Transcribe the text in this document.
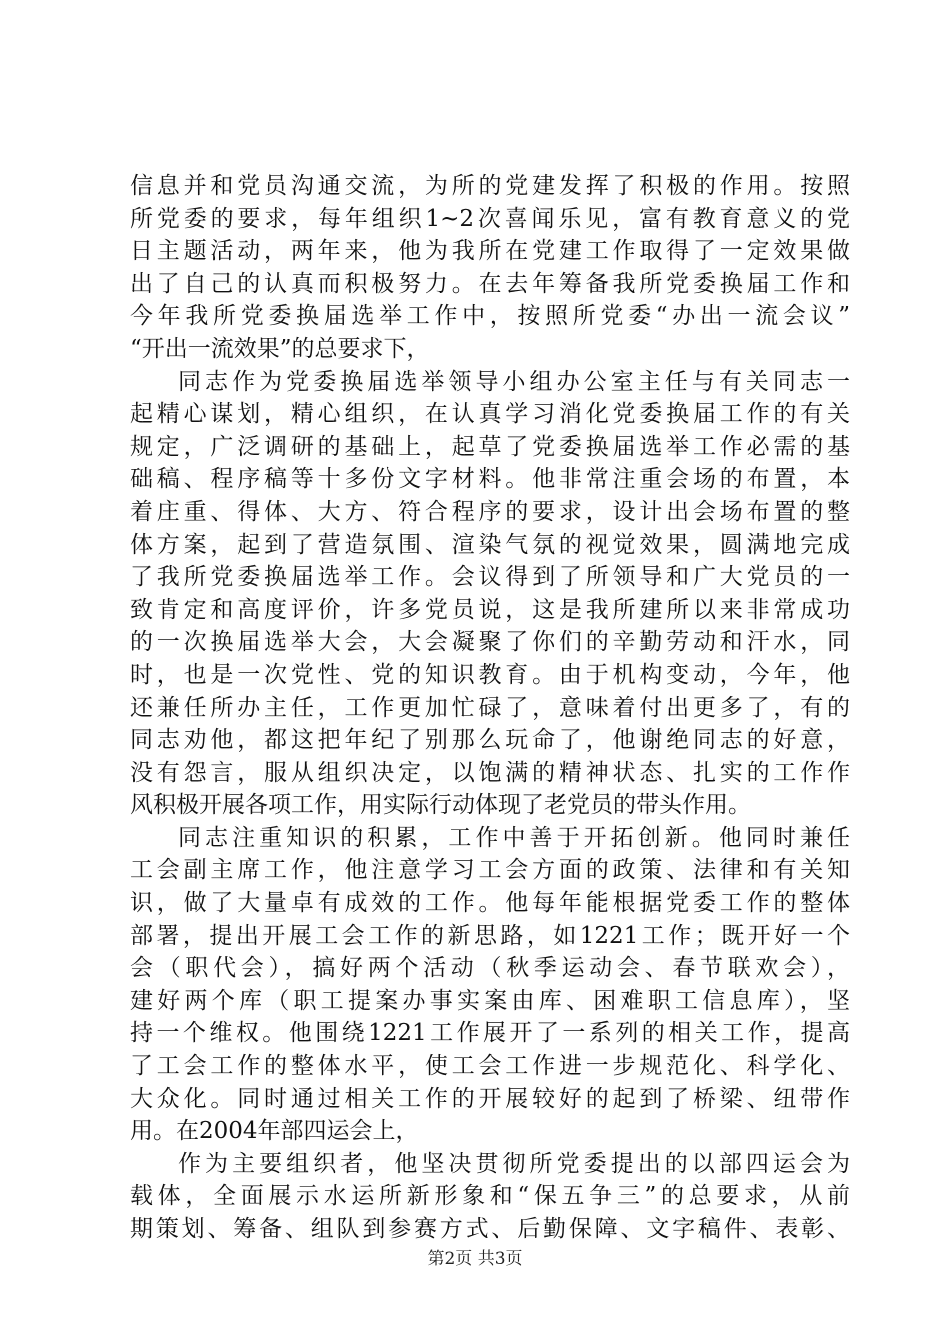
信息并和党员沟通交流，为所的党建发挥了积极的作用。按照
所党委的要求，每年组织1~2次喜闻乐见，富有教育意义的党
日主题活动，两年来，他为我所在党建工作取得了一定效果做
出了自己的认真而积极努力。在去年筹备我所党委换届工作和
今年我所党委换届选举工作中，按照所党委“办出一流会议”
“开出一流效果”的总要求下，
同志作为党委换届选举领导小组办公室主任与有关同志一
起精心谋划，精心组织，在认真学习消化党委换届工作的有关
规定，广泛调研的基础上，起草了党委换届选举工作必需的基
础稿、程序稿等十多份文字材料。他非常注重会场的布置，本
着庄重、得体、大方、符合程序的要求，设计出会场布置的整
体方案，起到了营造氛围、渲染气氛的视觉效果，圆满地完成
了我所党委换届选举工作。会议得到了所领导和广大党员的一
致肯定和高度评价，许多党员说，这是我所建所以来非常成功
的一次换届选举大会，大会凝聚了你们的辛勤劳动和汗水，同
时，也是一次党性、党的知识教育。由于机构变动，今年，他
还兼任所办主任，工作更加忙碌了，意味着付出更多了，有的
同志劝他，都这把年纪了别那么玩命了，他谢绝同志的好意，
没有怨言，服从组织决定，以饱满的精神状态、扎实的工作作
风积极开展各项工作，用实际行动体现了老党员的带头作用。
同志注重知识的积累，工作中善于开拓创新。他同时兼任
工会副主席工作，他注意学习工会方面的政策、法律和有关知
识，做了大量卓有成效的工作。他每年能根据党委工作的整体
部署，提出开展工会工作的新思路，如1221工作；既开好一个
会（职代会），搞好两个活动（秋季运动会、春节联欢会），
建好两个库（职工提案办事实案由库、困难职工信息库），坚
持一个维权。他围绕1221工作展开了一系列的相关工作，提高
了工会工作的整体水平，使工会工作进一步规范化、科学化、
大众化。同时通过相关工作的开展较好的起到了桥梁、纽带作
用。在2004年部四运会上，
作为主要组织者，他坚决贯彻所党委提出的以部四运会为
载体，全面展示水运所新形象和“保五争三”的总要求，从前
期策划、筹备、组队到参赛方式、后勤保障、文字稿件、表彰、
第2页 共3页
